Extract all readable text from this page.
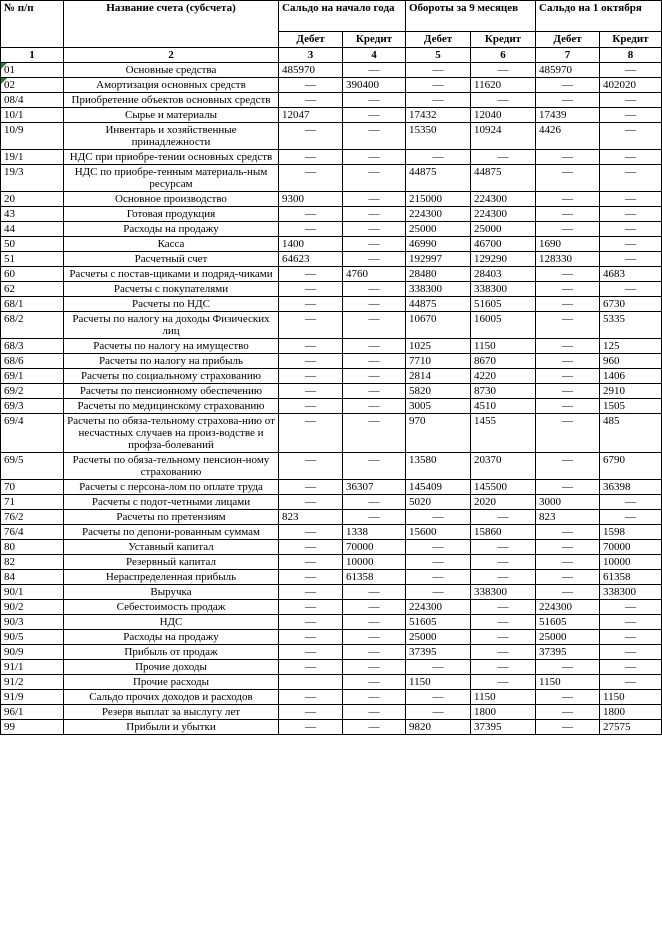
№ п/п	Название счета (субсчета)	Сальдо на начало года		Обороты за 9 месяцев		Сальдо на 1 октября	
		Дебет	Кредит	Дебет	Кредит	Дебет	Кредит
1	2	3	4	5	6	7	8

01	Основные средства	485970	—	—	—	485970	—

02	Амортизация основных средств	—	390400	—	11620	—	402020
08/4	Приобретение объектов основных средств	—	—	—	—	—	—
10/1	Сырье и материалы	12047	—	17432	12040	17439	—
10/9	Инвентарь и хозяйственные принадлежности	—	—	15350	10924	4426	—
19/1	НДС при приобре-тении основных средств	—	—	—	—	—	—
19/3	НДС по приобре-тенным материаль-ным ресурсам	—	—	44875	44875	—	—
20	Основное производство	9300	—	215000	224300	—	—
43	Готовая продукция	—	—	224300	224300	—	—
44	Расходы на продажу	—	—	25000	25000	—	—
50	Касса	1400	—	46990	46700	1690	—
51	Расчетный счет	64623	—	192997	129290	128330	—
60	Расчеты с постав-щиками и подряд-чиками	—	4760	28480	28403	—	4683
62	Расчеты с покупателями	—	—	338300	338300	—	—
68/1	Расчеты по НДС	—	—	44875	51605	—	6730
68/2	Расчеты по налогу на доходы Физических лиц	—	—	10670	16005	—	5335
68/3	Расчеты по налогу на имущество	—	—	1025	1150	—	125
68/6	Расчеты по налогу на прибыль	—	—	7710	8670	—	960
69/1	Расчеты по социальному страхованию	—	—	2814	4220	—	1406
69/2	Расчеты по пенсионному обеспечению	—	—	5820	8730	—	2910
69/3	Расчеты по медицинскому страхованию	—	—	3005	4510	—	1505
69/4	Расчеты по обяза-тельному страхова-нию от несчастных случаев на произ-водстве и профза-болеваний	—	—	970	1455	—	485
69/5	Расчеты по обяза-тельному пенсион-ному страхованию	—	—	13580	20370	—	6790
70	Расчеты с персона-лом по оплате труда	—	36307	145409	145500	—	36398
71	Расчеты с подот-четными лицами	—	—	5020	2020	3000	—
76/2	Расчеты по претензиям	823	—	—	—	823	—
76/4	Расчеты по депони-рованным суммам	—	1338	15600	15860	—	1598
80	Уставный капитал	—	70000	—	—	—	70000
82	Резервный капитал	—	10000	—	—	—	10000
84	Нераспределенная прибыль	—	61358	—	—	—	61358
90/1	Выручка	—	—	—	338300	—	338300
90/2	Себестоимость продаж	—	—	224300	—	224300	—
90/3	НДС	—	—	51605	—	51605	—
90/5	Расходы на продажу	—	—	25000	—	25000	—
90/9	Прибыль от продаж	—	—	37395	—	37395	—
91/1	Прочие доходы	—	—	—	—	—	—
91/2	Прочие расходы		—	1150	—	1150	—
91/9	Сальдо прочих доходов и расходов	—	—	—	1150	—	1150
96/1	Резерв выплат за выслугу лет	—	—	—	1800	—	1800
99	Прибыли и убытки	—	—	9820	37395	—	27575
